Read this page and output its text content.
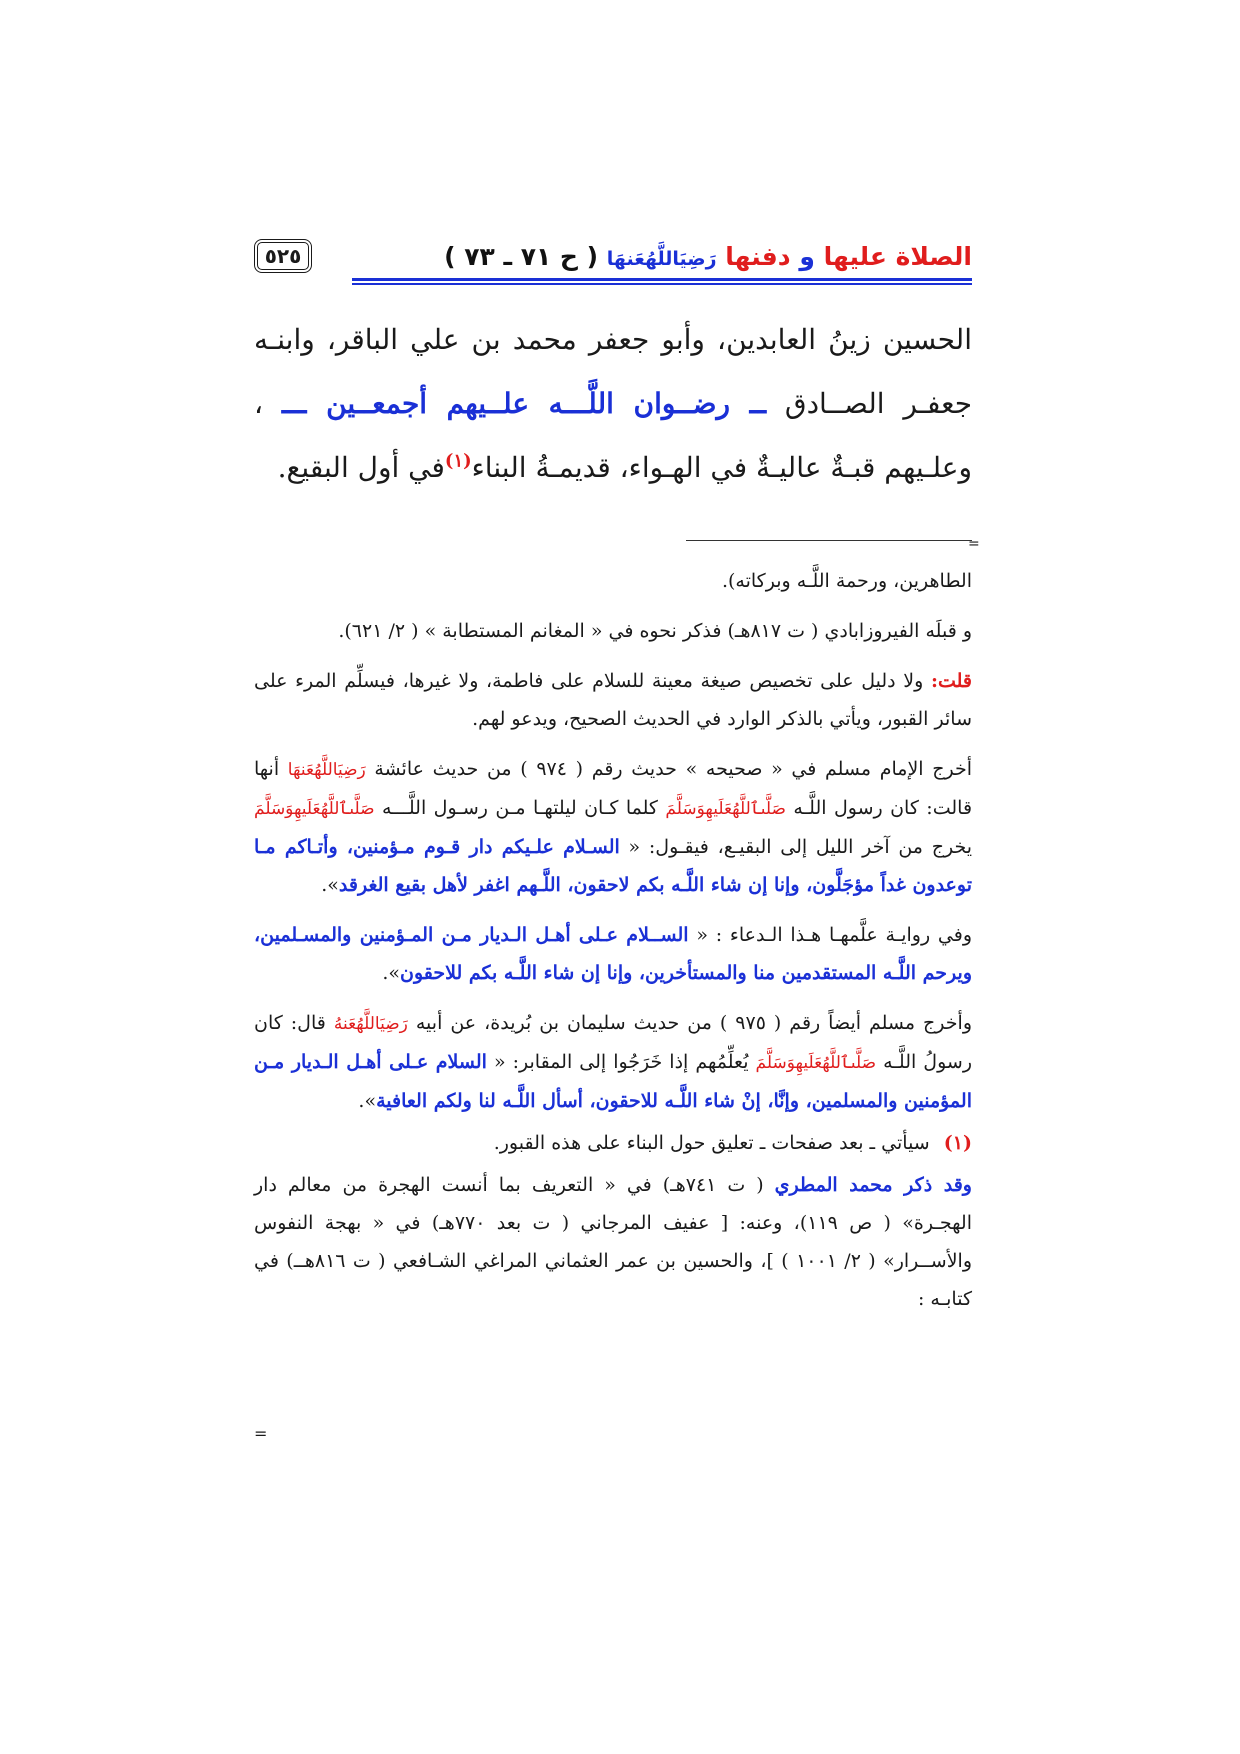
الصلاة عليها و دفنها رَضِيَاللَّهُعَنهَا ( ح ٧١ ـ ٧٣ )
٥٢٥

الحسين زينُ العابدين، وأبو جعفر محمد بن علي الباقر، وابنـه جعفـر الصــادق ــ رضــوان اللَّـــه علــيهم أجمعــين ـــ ، وعلـيهم قبـةٌ عاليـةٌ في الهـواء، قديمـةُ البناء$^{(١)}$في أول البقيع.

=

الطاهرين، ورحمة اللَّـه وبركاته).

و قبلَه الفيروزابادي ( ت ٨١٧هـ) فذكر نحوه في « المغانم المستطابة » ( ٢/ ٦٢١).

قلت: ولا دليل على تخصيص صيغة معينة للسلام على فاطمة، ولا غيرها، فيسلِّم المرء على سائر القبور، ويأتي بالذكر الوارد في الحديث الصحيح، ويدعو لهم.

أخرج الإمام مسلم في « صحيحه » حديث رقم ( ٩٧٤ ) من حديث عائشة رَضِيَاللَّهُعَنهَا أنها قالت: كان رسول اللَّـه صَلَّىٱللَّهُعَلَيهِوَسَلَّمَ كلما كـان ليلتهـا مـن رسـول اللَّـــه صَلَّىٱللَّهُعَلَيهِوَسَلَّمَ يخرج من آخر الليل إلى البقيـع، فيقـول: « السـلام علـيكم دار قـوم مـؤمنين، وأتـاكم مـا توعدون غداً مؤجَلَّون، وإنا إن شاء اللَّـه بكم لاحقون، اللَّـهم اغفر لأهل بقيع الغرقد».

وفي روايـة علَّمهـا هـذا الـدعاء : « الســلام عـلى أهـل الـديار مـن المـؤمنين والمسـلمين، ويرحم اللَّـه المستقدمين منا والمستأخرين، وإنا إن شاء اللَّـه بكم للاحقون».

وأخرج مسلم أيضاً رقم ( ٩٧٥ ) من حديث سليمان بن بُريدة، عن أبيه رَضِيَاللَّهُعَنهُ قال: كان رسولُ اللَّـه صَلَّىٱللَّهُعَلَيهِوَسَلَّمَ يُعلِّمُهم إذا خَرَجُوا إلى المقابر: « السلام عـلى أهـل الـديار مـن المؤمنين والمسلمين، وإنَّا، إنْ شاء اللَّـه للاحقون، أسأل اللَّـه لنا ولكم العافية».

(١) سيأتي ـ بعد صفحات ـ تعليق حول البناء على هذه القبور.

وقد ذكر محمد المطري ( ت ٧٤١هـ) في « التعريف بما أنست الهجرة من معالم دار الهجـرة» ( ص ١١٩)، وعنه: [ عفيف المرجاني ( ت بعد ٧٧٠هـ) في « بهجة النفوس والأســرار» ( ٢/ ١٠٠١ ) ]، والحسين بن عمر العثماني المراغي الشـافعي ( ت ٨١٦هــ) في كتابـه :

=
